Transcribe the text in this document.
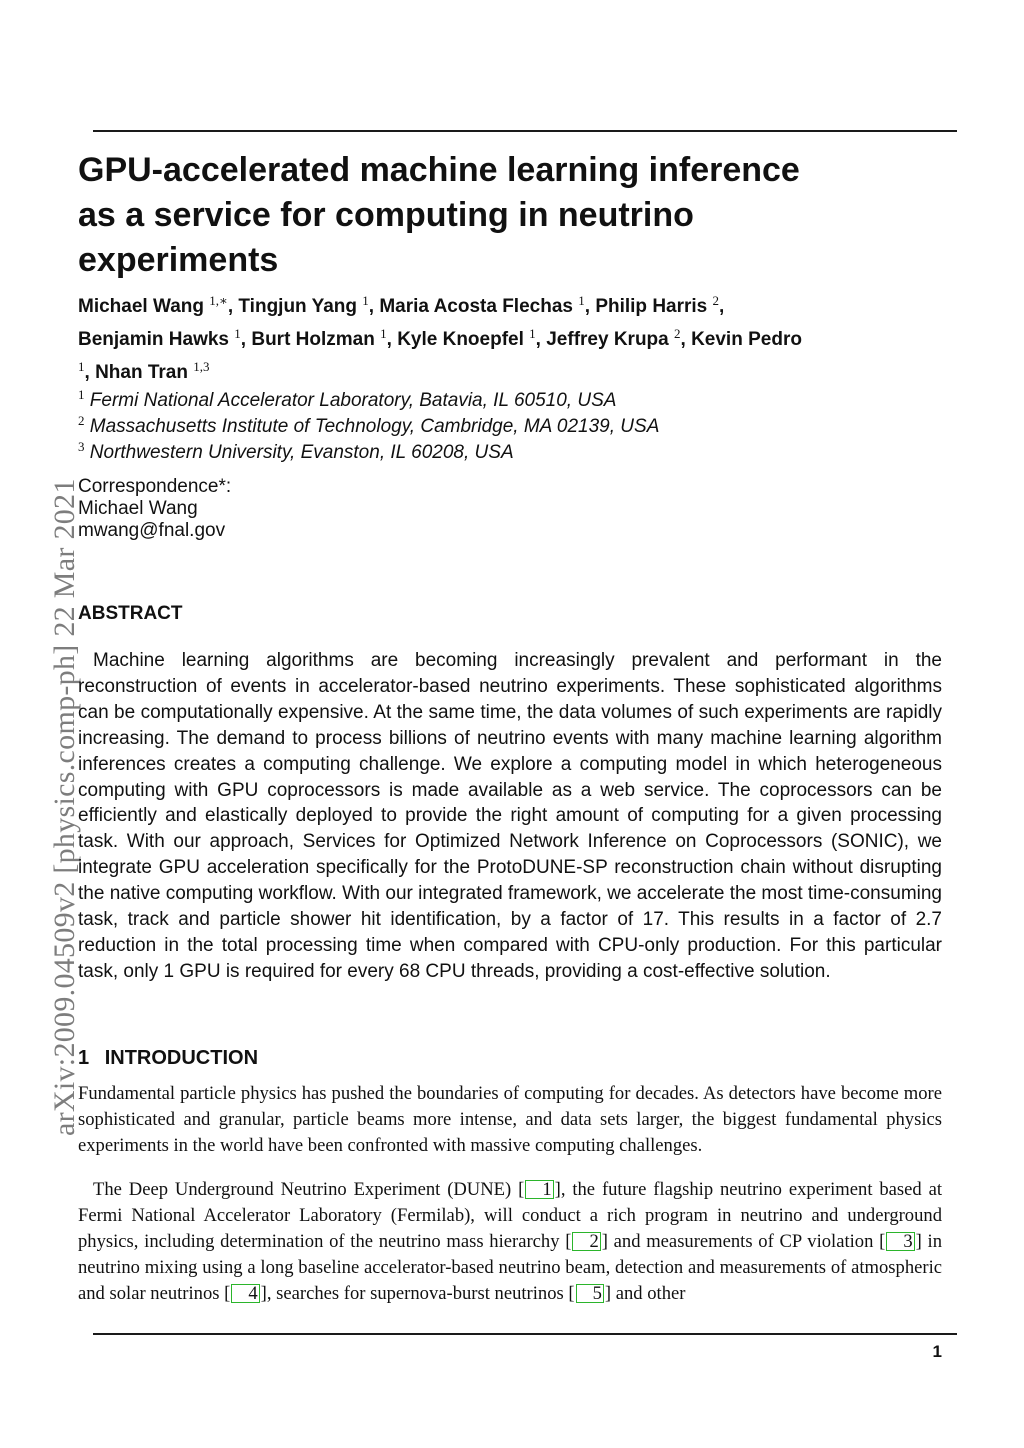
arXiv:2009.04509v2 [physics.comp-ph] 22 Mar 2021
GPU-accelerated machine learning inference as a service for computing in neutrino experiments
Michael Wang $^{1,∗}$, Tingjun Yang $^1$, Maria Acosta Flechas $^1$, Philip Harris $^2$, Benjamin Hawks $^1$, Burt Holzman $^1$, Kyle Knoepfel $^1$, Jeffrey Krupa $^2$, Kevin Pedro $^1$, Nhan Tran $^{1,3}$
$^1$ Fermi National Accelerator Laboratory, Batavia, IL 60510, USA
$^2$ Massachusetts Institute of Technology, Cambridge, MA 02139, USA
$^3$ Northwestern University, Evanston, IL 60208, USA
Correspondence*:
Michael Wang
mwang@fnal.gov
ABSTRACT

Machine learning algorithms are becoming increasingly prevalent and performant in the reconstruction of events in accelerator-based neutrino experiments. These sophisticated algorithms can be computationally expensive. At the same time, the data volumes of such experiments are rapidly increasing. The demand to process billions of neutrino events with many machine learning algorithm inferences creates a computing challenge. We explore a computing model in which heterogeneous computing with GPU coprocessors is made available as a web service. The coprocessors can be efficiently and elastically deployed to provide the right amount of computing for a given processing task. With our approach, Services for Optimized Network Inference on Coprocessors (SONIC), we integrate GPU acceleration specifically for the ProtoDUNE-SP reconstruction chain without disrupting the native computing workflow. With our integrated framework, we accelerate the most time-consuming task, track and particle shower hit identification, by a factor of 17. This results in a factor of 2.7 reduction in the total processing time when compared with CPU-only production. For this particular task, only 1 GPU is required for every 68 CPU threads, providing a cost-effective solution.

1 INTRODUCTION

Fundamental particle physics has pushed the boundaries of computing for decades. As detectors have become more sophisticated and granular, particle beams more intense, and data sets larger, the biggest fundamental physics experiments in the world have been confronted with massive computing challenges.

The Deep Underground Neutrino Experiment (DUNE) [ 1 ], the future flagship neutrino experiment based at Fermi National Accelerator Laboratory (Fermilab), will conduct a rich program in neutrino and underground physics, including determination of the neutrino mass hierarchy [ 2 ] and measurements of CP violation [ 3 ] in neutrino mixing using a long baseline accelerator-based neutrino beam, detection and measurements of atmospheric and solar neutrinos [ 4 ], searches for supernova-burst neutrinos [ 5 ] and other

1
